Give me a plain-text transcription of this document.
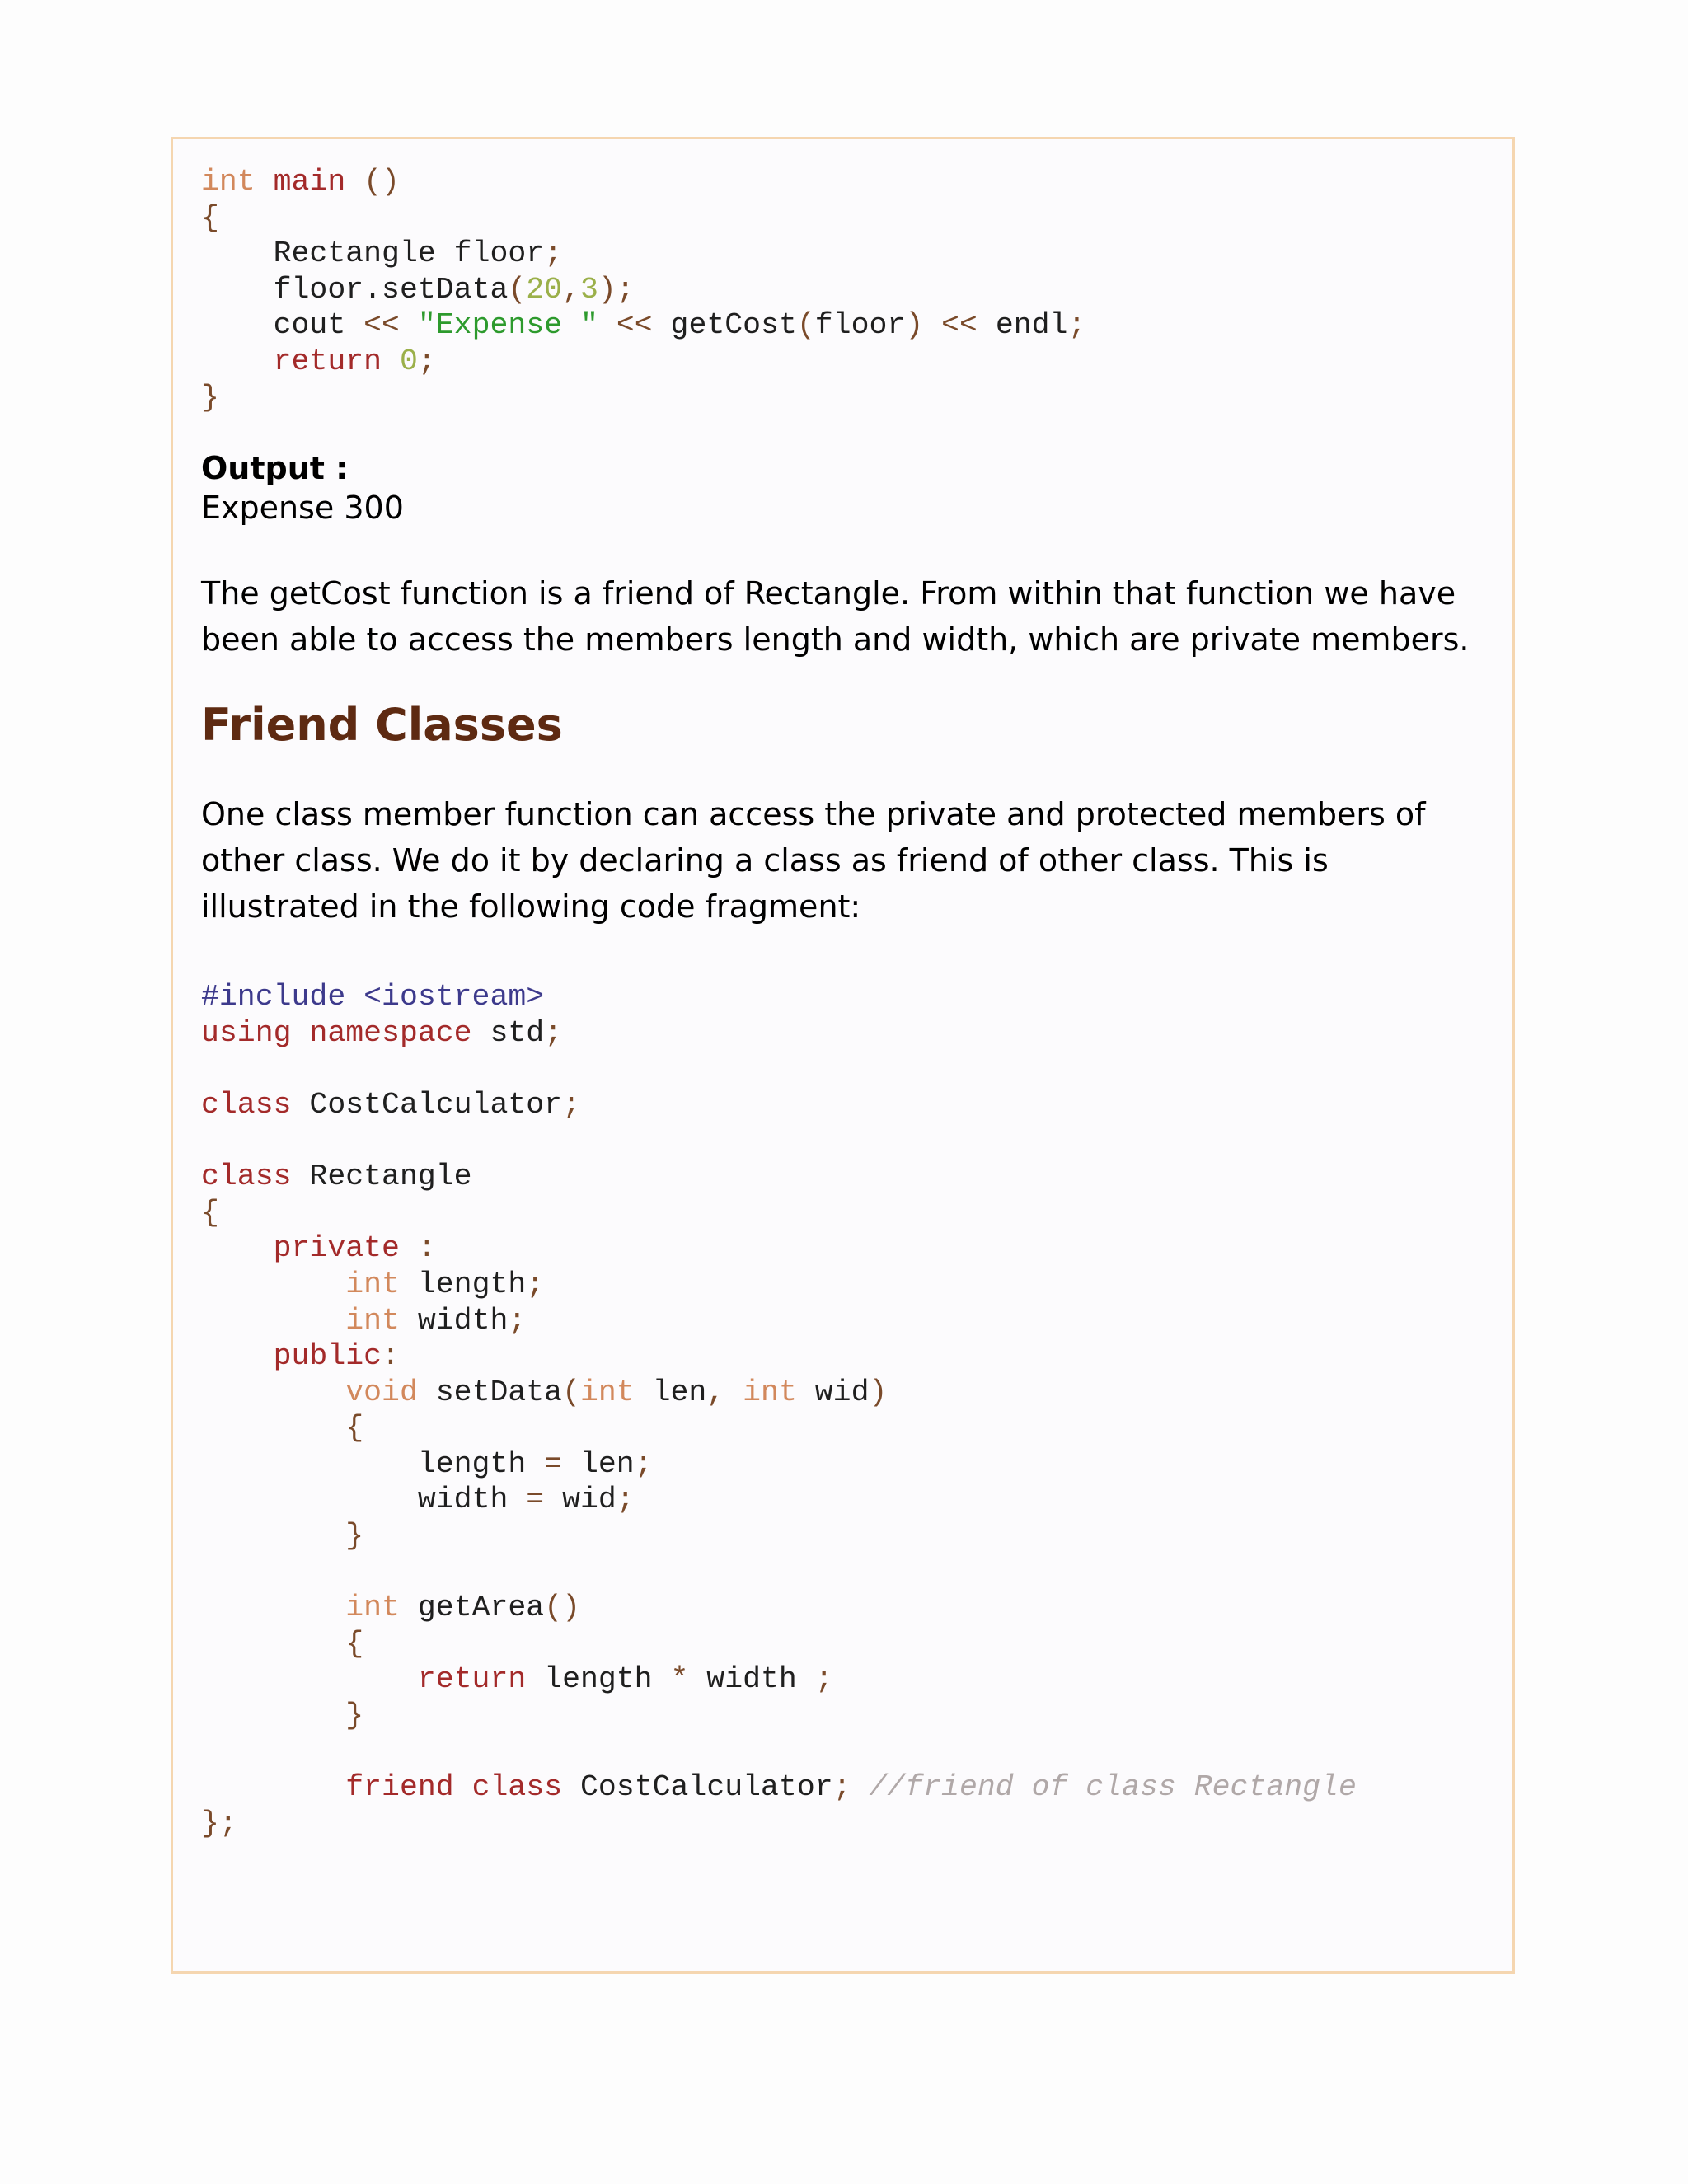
int main ()
{
Rectangle floor;
floor.setData(20,3);
cout << "Expense " << getCost(floor) << endl;
return 0;
}
Output :
Expense 300

The getCost function is a friend of Rectangle. From within that function we have been able to access the members length and width, which are private members.

Friend Classes

One class member function can access the private and protected members of other class. We do it by declaring a class as friend of other class. This is illustrated in the following code fragment:

#include <iostream>
using namespace std;

class CostCalculator;

class Rectangle
{
private :
int length;
int width;
public:
void setData(int len, int wid)
{
length = len;
width = wid;
}

int getArea()
{
return length * width ;
}

friend class CostCalculator; //friend of class Rectangle
};
